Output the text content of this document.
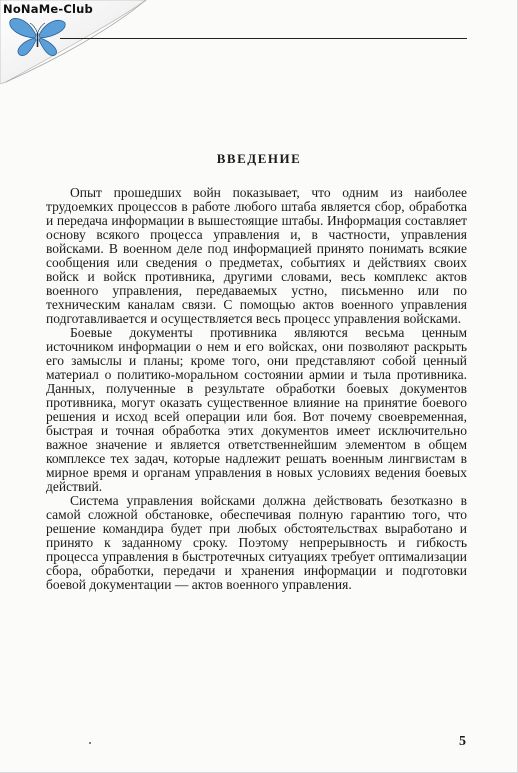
NoNaMe-Club
ВВЕДЕНИЕ

Опыт прошедших войн показывает, что одним из наиболее трудоемких процессов в работе любого штаба является сбор, обработка и передача информации в вышестоящие штабы. Информация составляет основу всякого процесса управления и, в частности, управления войсками. В военном деле под информацией принято понимать всякие сообщения или сведения о предметах, событиях и действиях своих войск и войск противника, другими словами, весь комплекс актов военного управления, передаваемых устно, письменно или по техническим каналам связи. С помощью актов военного управления подготавливается и осуществляется весь процесс управления войсками.

Боевые документы противника являются весьма ценным источником информации о нем и его войсках, они позволяют раскрыть его замыслы и планы; кроме того, они представляют собой ценный материал о политико-моральном состоянии армии и тыла противника. Данных, полученные в результате обработки боевых документов противника, могут оказать существенное влияние на принятие боевого решения и исход всей операции или боя. Вот почему своевременная, быстрая и точная обработка этих документов имеет исключительно важное значение и является ответственнейшим элементом в общем комплексе тех задач, которые надлежит решать военным лингвистам в мирное время и органам управления в новых условиях ведения боевых действий.

Система управления войсками должна действовать безотказно в самой сложной обстановке, обеспечивая полную гарантию того, что решение командира будет при любых обстоятельствах выработано и принято к заданному сроку. Поэтому непрерывность и гибкость процесса управления в быстротечных ситуациях требует оптимализации сбора, обработки, передачи и хранения информации и подготовки боевой документации — актов военного управления.

5
